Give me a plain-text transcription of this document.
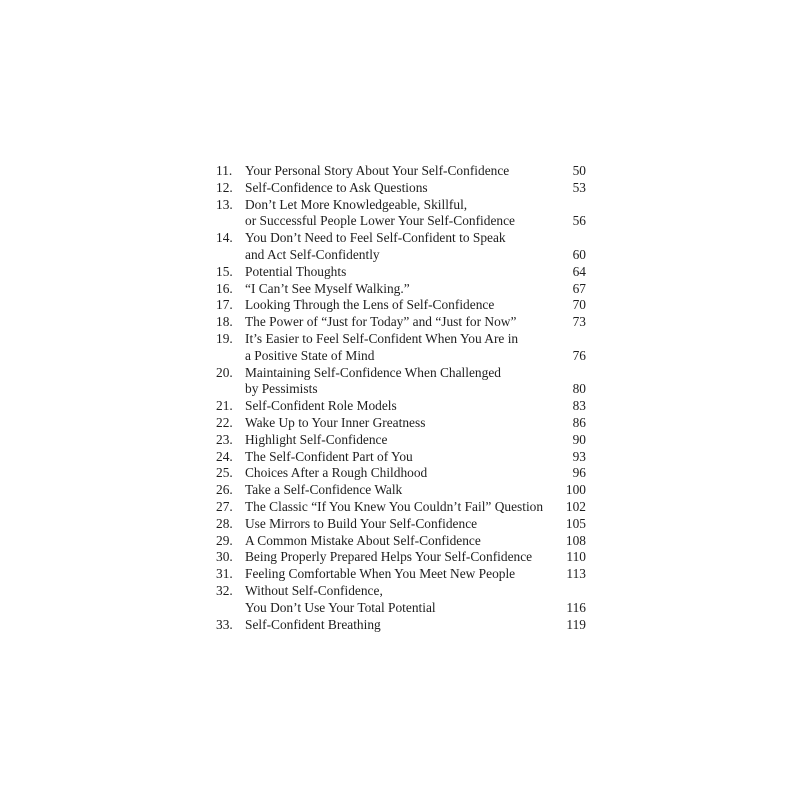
11. Your Personal Story About Your Self-Confidence	50
12. Self-Confidence to Ask Questions	53
13. Don’t Let More Knowledgeable, Skillful,
or Successful People Lower Your Self-Confidence	56
14. You Don’t Need to Feel Self-Confident to Speak
and Act Self-Confidently	60
15. Potential Thoughts	64
16. “I Can’t See Myself Walking.”	67
17. Looking Through the Lens of Self-Confidence	70
18. The Power of “Just for Today” and “Just for Now”	73
19. It’s Easier to Feel Self-Confident When You Are in
a Positive State of Mind	76
20. Maintaining Self-Confidence When Challenged
by Pessimists	80
21. Self-Confident Role Models	83
22. Wake Up to Your Inner Greatness	86
23. Highlight Self-Confidence	90
24. The Self-Confident Part of You	93
25. Choices After a Rough Childhood	96
26. Take a Self-Confidence Walk	100
27. The Classic “If You Knew You Couldn’t Fail” Question	102
28. Use Mirrors to Build Your Self-Confidence	105
29. A Common Mistake About Self-Confidence	108
30. Being Properly Prepared Helps Your Self-Confidence	110
31. Feeling Comfortable When You Meet New People	113
32. Without Self-Confidence,
You Don’t Use Your Total Potential	116
33. Self-Confident Breathing	119
